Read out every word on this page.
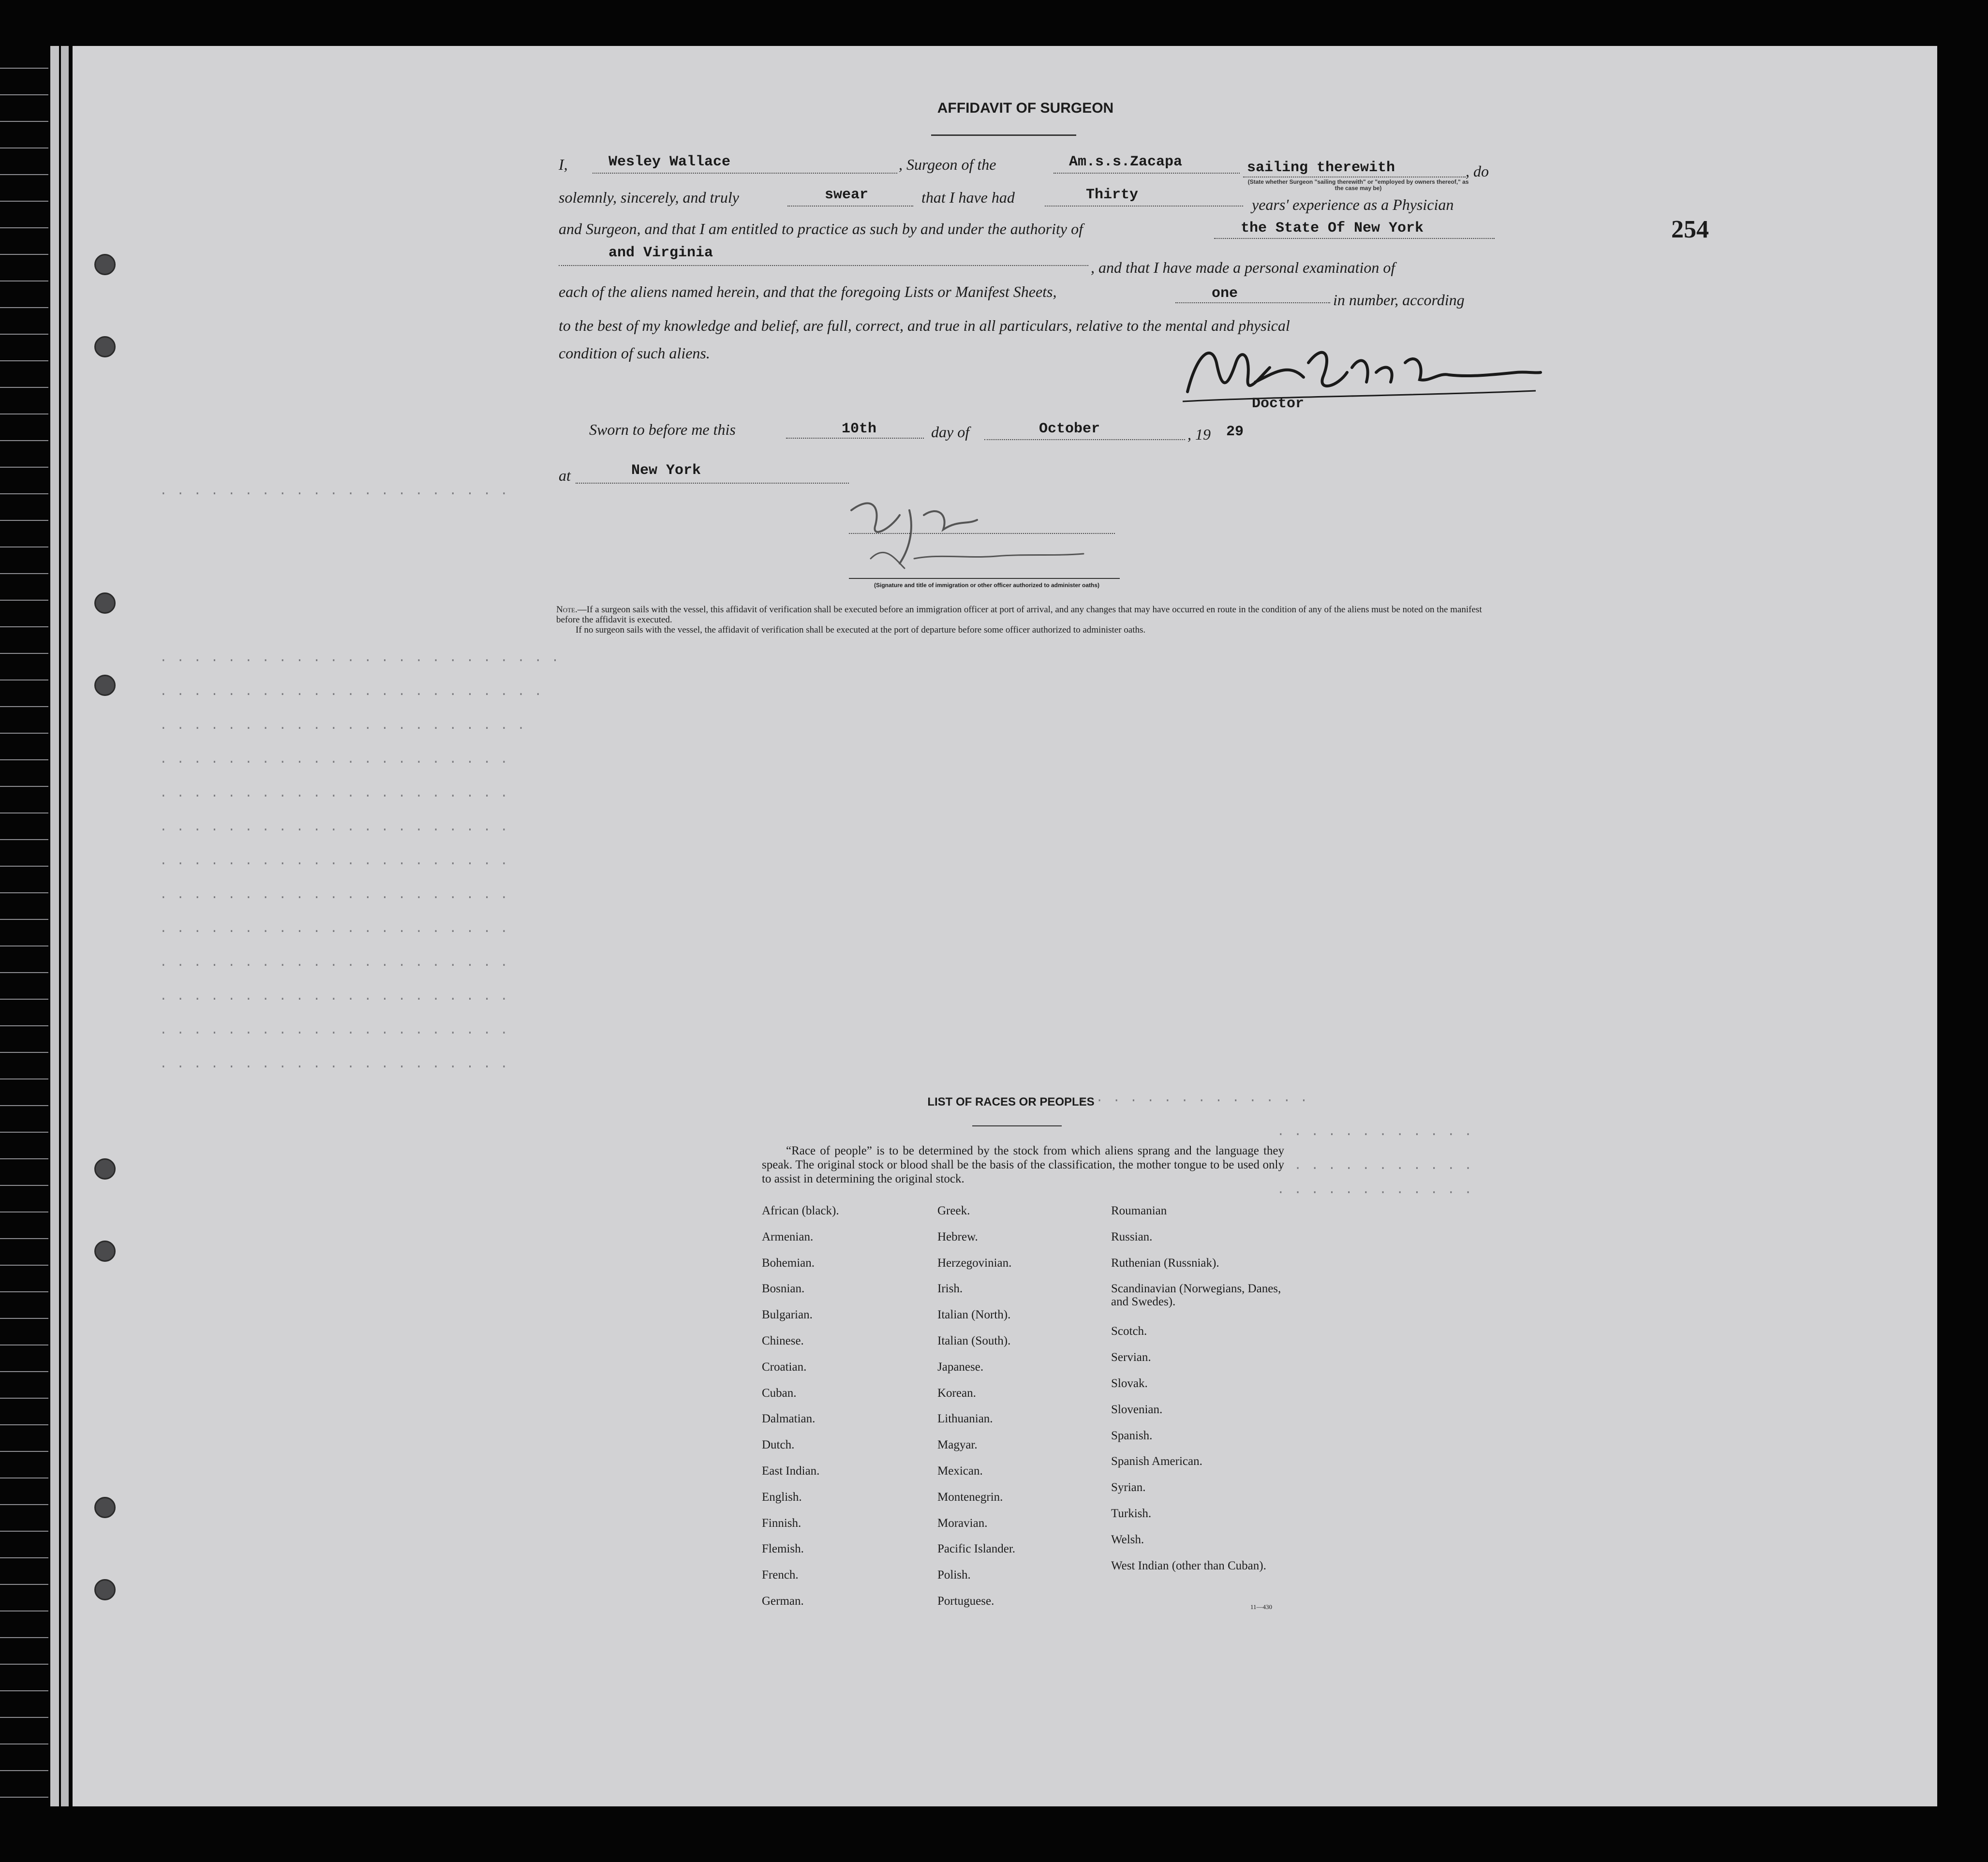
AFFIDAVIT OF SURGEON
254
I,	Wesley Wallace	, Surgeon of the	Am.s.s.Zacapa	sailing therewith	, do
(State whether Surgeon "sailing therewith" or "employed by owners thereof," as the case may be)
solemnly, sincerely, and truly	swear	that I have had	Thirty
years' experience as a Physician
and Surgeon, and that I am entitled to practice as such by and under the authority of	the State Of New York
and Virginia
, and that I have made a personal examination of
each of the aliens named herein, and that the foregoing Lists or Manifest Sheets,	one	in number, according
to the best of my knowledge and belief, are full, correct, and true in all particulars, relative to the mental and physical
condition of such aliens.
Doctor
Sworn to before me this	10th	day of	October	, 19 29
at	New York
(Signature and title of immigration or other officer authorized to administer oaths)
Note.—If a surgeon sails with the vessel, this affidavit of verification shall be executed before an immigration officer at port of arrival, and any changes that may have occurred en route in the condition of any of the aliens must be noted on the manifest before the affidavit is executed.
If no surgeon sails with the vessel, the affidavit of verification shall be executed at the port of departure before some officer authorized to administer oaths.
. . . . . . . . . . . . . . . . . . . . .
. . . . . . . . . . . . . . . . . . . . . . . .
. . . . . . . . . . . . . . . . . . . . . . .
. . . . . . . . . . . . . . . . . . . . . .
. . . . . . . . . . . . . . . . . . . . .
. . . . . . . . . . . . . . . . . . . . .
. . . . . . . . . . . . . . . . . . . . .
. . . . . . . . . . . . . . . . . . . . .
. . . . . . . . . . . . . . . . . . . . .
. . . . . . . . . . . . . . . . . . . . .
. . . . . . . . . . . . . . . . . . . . .
. . . . . . . . . . . . . . . . . . . . .
. . . . . . . . . . . . . . . . . . . . .
. . . . . . . . . . . . . . . . . . . . .
. . . . . . . . . . . . . .
. . . . . . . . . . . .
. . . . . . . . . . . .
. . . . . . . . . . . .
LIST OF RACES OR PEOPLES
“Race of people” is to be determined by the stock from which aliens sprang and the language they speak. The original stock or blood shall be the basis of the classification, the mother tongue to be used only to assist in determining the original stock.
African (black).
Armenian.
Bohemian.
Bosnian.
Bulgarian.
Chinese.
Croatian.
Cuban.
Dalmatian.
Dutch.
East Indian.
English.
Finnish.
Flemish.
French.
German.
Greek.
Hebrew.
Herzegovinian.
Irish.
Italian (North).
Italian (South).
Japanese.
Korean.
Lithuanian.
Magyar.
Mexican.
Montenegrin.
Moravian.
Pacific Islander.
Polish.
Portuguese.
Roumanian
Russian.
Ruthenian (Russniak).
Scandinavian (Norwegians, Danes, and Swedes).
Scotch.
Servian.
Slovak.
Slovenian.
Spanish.
Spanish American.
Syrian.
Turkish.
Welsh.
West Indian (other than Cuban).
11—430
